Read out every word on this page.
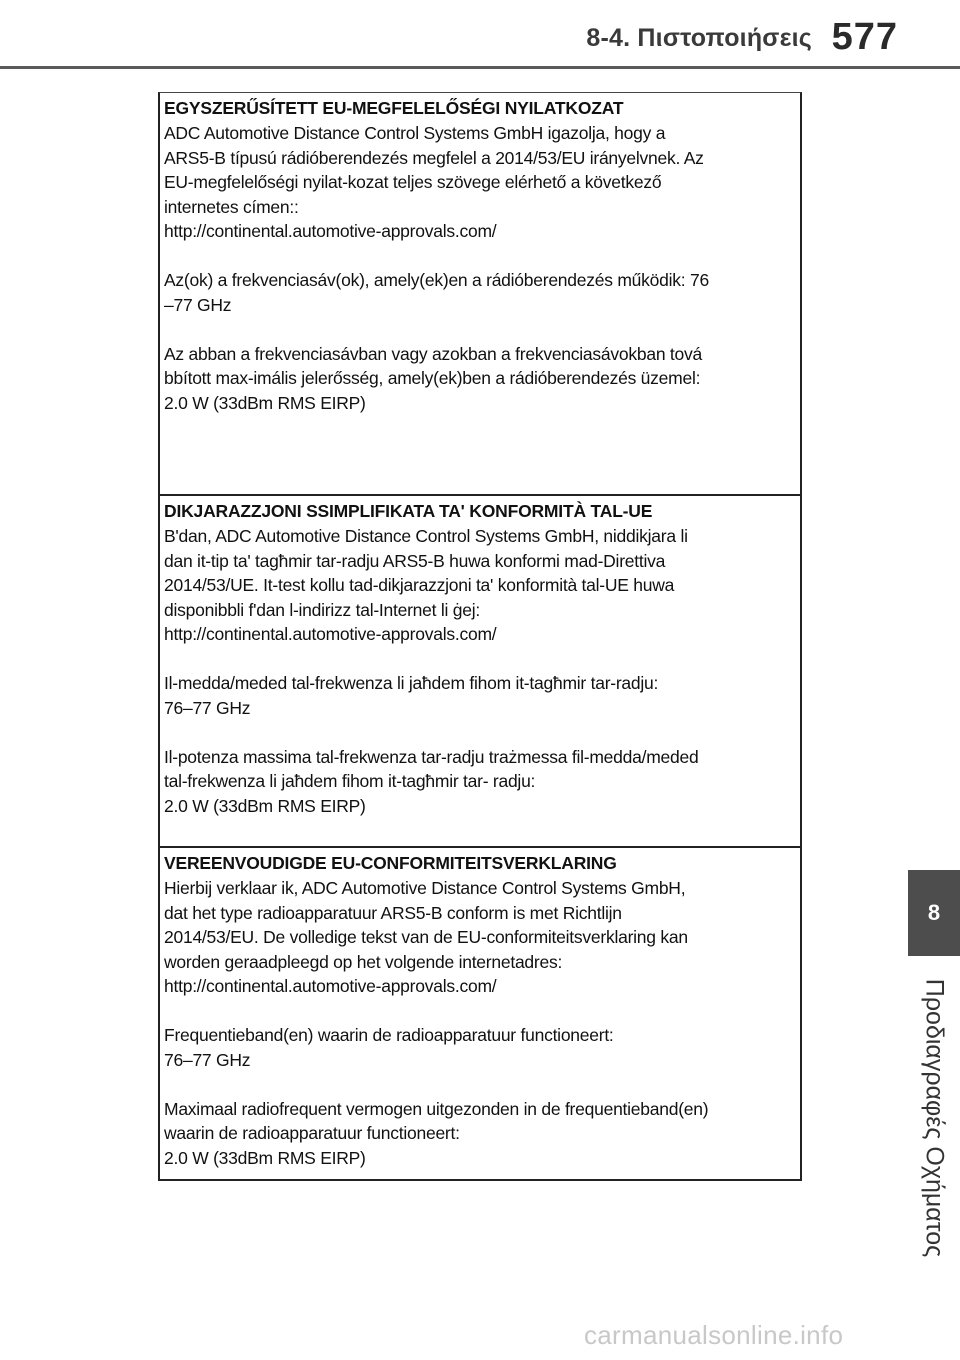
8-4. Πιστοποιήσεις 577
8
Προδιαγραφές Οχήματος
EGYSZERŰSÍTETT EU-MEGFELELŐSÉGI NYILATKOZAT
ADC Automotive Distance Control Systems GmbH igazolja, hogy a
ARS5-B típusú rádióberendezés megfelel a 2014/53/EU irányelvnek. Az
EU-megfelelőségi nyilat-kozat teljes szövege elérhető a következő
internetes címen::
http://continental.automotive-approvals.com/
Az(ok) a frekvenciasáv(ok), amely(ek)en a rádióberendezés működik: 76
–77 GHz
Az abban a frekvenciasávban vagy azokban a frekvenciasávokban tová
bbított max-imális jelerősség, amely(ek)ben a rádióberendezés üzemel:
2.0 W (33dBm RMS EIRP)
DIKJARAZZJONI SSIMPLIFIKATA TA' KONFORMITÀ TAL-UE
B'dan, ADC Automotive Distance Control Systems GmbH, niddikjara li
dan it-tip ta' tagħmir tar-radju ARS5-B huwa konformi mad-Direttiva
2014/53/UE. It-test kollu tad-dikjarazzjoni ta' konformità tal-UE huwa
disponibbli f'dan l-indirizz tal-Internet li ġej:
http://continental.automotive-approvals.com/
Il-medda/meded tal-frekwenza li jaħdem fihom it-tagħmir tar-radju:
76–77 GHz
Il-potenza massima tal-frekwenza tar-radju trażmessa fil-medda/meded
tal-frekwenza li jaħdem fihom it-tagħmir tar- radju:
2.0 W (33dBm RMS EIRP)
VEREENVOUDIGDE EU-CONFORMITEITSVERKLARING
Hierbij verklaar ik, ADC Automotive Distance Control Systems GmbH,
dat het type radioapparatuur ARS5-B conform is met Richtlijn
2014/53/EU. De volledige tekst van de EU-conformiteitsverklaring kan
worden geraadpleegd op het volgende internetadres:
http://continental.automotive-approvals.com/
Frequentieband(en) waarin de radioapparatuur functioneert:
76–77 GHz
Maximaal radiofrequent vermogen uitgezonden in de frequentieband(en)
waarin de radioapparatuur functioneert:
2.0 W (33dBm RMS EIRP)
carmanualsonline.info
